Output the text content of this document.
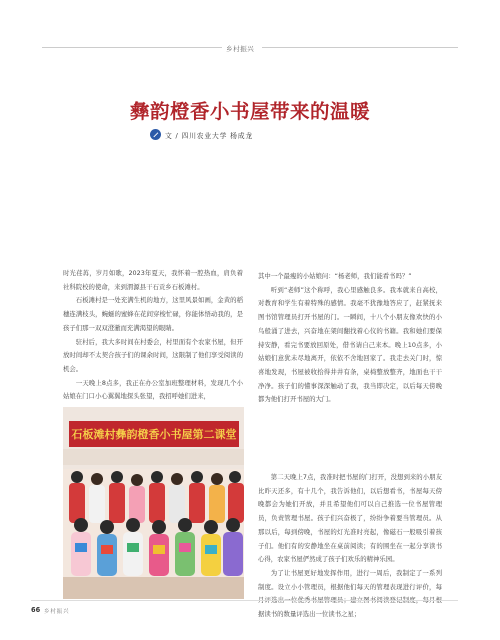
乡村振兴
彝韵橙香小书屋带来的温暖
文 / 四川农业大学 杨成龙

时光荏苒，岁月如歌，2023年夏天，我怀着一腔热血，肩负着社科院校的使命，来到渭源县干石贡乡石板滩村。

石板滩村是一处充满生机的地方，这里风景如画，金黄的稻穗连满枝头，蜿蜒的蜜蜂在花间穿梭忙碌，你能体悟动我的，是孩子们那一双双澄澈而充满渴望的眼睛。

驻村后，我大多时间在村委会，村里面有个农家书屋，但开放时间却不太契合孩子们的课余时间，这限制了他们享受阅读的机会。

一天晚上8点多，我正在办公室加班整理材料，发现几个小姑娘在门口小心翼翼地探头张望，我招呼她们进来，

石板滩村彝韵橙香小书屋第二课堂

其中一个最瘦的小姑娘问：“杨老师，我们能看书吗？”

听到“老师”这个称呼，我心里感触良多。我本就来自高校，对教育和学生有着特殊的感情。我毫不犹豫地答应了，赶紧抚来图书馆管理员打开书屋的门。一瞬间，十八个小朋友像欢快的小鸟般涌了进去，兴奋地在架间翻找着心仪的书籍。我和她们要保持安静，看完书要放回原处，借书请自己来本。晚上10点多，小姑娘们意犹未尽地离开，依依不舍地回家了。我走去关门时，惊喜地发现，书屋被收拾得井井有条，桌椅整放整齐，地面也干干净净。孩子们的懂事深深触动了我，我当即决定，以后每天傍晚都为他们打开书屋的大门。

第二天晚上7点，我准时把书屋的门打开，没想到来的小朋友比昨天还多，有十几个，我告诉他们，以后想看书，书屋每天傍晚都会为她们开放，并且希望他们可以自己推选一位书屋管理员，负责管理书屋。孩子们兴奋极了，纷纷争着要当管理员。从那以后，每到傍晚，书屋的灯光准时亮起，像磁石一般吸引着孩子们。他们有的安静地坐在桌前阅读；有的围坐在一起分享读书心得，农家书屋俨然成了孩子们欢乐的精神乐园。

为了让书屋更好地发挥作用，进行一周后，我制定了一系列制度。设立小小管理员，根据他们每天的管理表现进行评价，每 据读书的数量评选出一位读书之星；

66 乡村振兴
